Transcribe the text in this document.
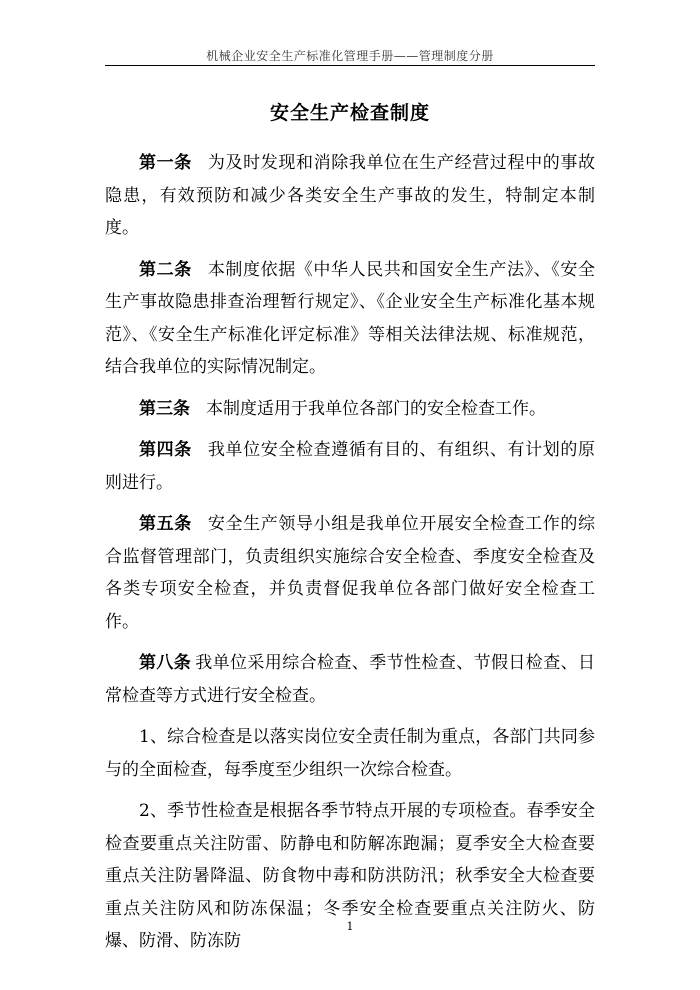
机械企业安全生产标准化管理手册——管理制度分册
安全生产检查制度

第一条 为及时发现和消除我单位在生产经营过程中的事故隐患，有效预防和减少各类安全生产事故的发生，特制定本制度。

第二条 本制度依据《中华人民共和国安全生产法》、《安全生产事故隐患排查治理暂行规定》、《企业安全生产标准化基本规范》、《安全生产标准化评定标准》等相关法律法规、标准规范，结合我单位的实际情况制定。

第三条 本制度适用于我单位各部门的安全检查工作。

第四条 我单位安全检查遵循有目的、有组织、有计划的原则进行。

第五条 安全生产领导小组是我单位开展安全检查工作的综合监督管理部门，负责组织实施综合安全检查、季度安全检查及各类专项安全检查，并负责督促我单位各部门做好安全检查工作。

第八条 我单位采用综合检查、季节性检查、节假日检查、日常检查等方式进行安全检查。

1、综合检查是以落实岗位安全责任制为重点，各部门共同参与的全面检查，每季度至少组织一次综合检查。

2、季节性检查是根据各季节特点开展的专项检查。春季安全检查要重点关注防雷、防静电和防解冻跑漏；夏季安全大检查要重点关注防暑降温、防食物中毒和防洪防汛；秋季安全大检查要重点关注防风和防冻保温；冬季安全检查要重点关注防火、防爆、防滑、防冻防

1
